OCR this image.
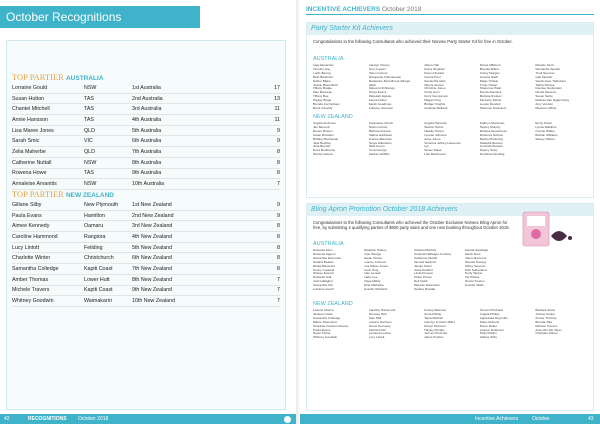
October Recognitions
TOP PARTIER AUSTRALIA
Lorraine Gould	NSW	1st Australia	17
Susan Hutton	TAS	2nd Australia	13
Chantel Mitchell	TAS	3rd Australia	11
Annie Hansson	TAS	4th Australia	11
Lisa Maree Jones	QLD	5th Australia	9
Sarah Smic	VIC	6th Australia	9
Zelia Maherbe	QLD	7th Australia	8
Catherine Nuttall	NSW	8th Australia	8
Rowena Howe	TAS	9th Australia	8
Annaleise Arvanitis	NSW	10th Australia	7
TOP PARTIER NEW ZEALAND
Gillane Silby	New Plymouth	1st New Zealand	9
Paula Evans	Hamilton	2nd New Zealand	9
Aimee Kennedy	Oamaru	3rd New Zealand	8
Caroline Hammond	Rangiora	4th New Zealand	8
Lucy Lintott	Feilding	5th New Zealand	8
Charlotte Winter	Christchurch	6th New Zealand	8
Samantha Colledge	Kapiti Coast	7th New Zealand	8
Amber Thomas	Lower Hutt	8th New Zealand	7
Michele Travers	Kapiti Coast	9th New Zealand	7
Whitney Goodwin	Waimakariri	10th New Zealand	7
42	RECOGNITIONS October 2018
INCENTIVE ACHIEVERS October 2018
Party Starter Kit Achievers
Congratulations to the following Consultants who achieved their Norwex Party Starter Kit for free in October.
AUSTRALIA
Inga Alexander
Timothy Ang
Lorfie Bering
Beth Batchelor
Esther Blake
Jeanie Bloomfield
Tiffany Budge
Mee Bouseau
Tiffany Bue
Hayley Bugel
Brenda Carmichael
Brent Cassidy
Carolyn Clancy
Amy Cooper
Helen Connor
Marguerite D'Emanuele
Madeleine Dent-Brook Allinger
Wadi
Rebecca D'Allengo
Tanya Evans
Rebekah Egosie
Aanna Fisher
Sarah Goodman
Julianne Greenee
Alison Hall
Fiona Hendran
Karen Howard
Corina Hunt
Samantha Ivitts
Naomi Jensen
Christine Jones
Cindy Kern
Kerry Kempsmon
Megan King
Bridget Knights
Amanda Melland
Nicole Millicent
Brenda Millett
Crissy Morgan
Jessica Nash
Paige O'Neal
Trudy Otwan
Sharonne Pikar
Pernia Renwick
Melissa Rydeen
Kimberly Richie
Lousie Rendell
Shannon Saunders
Marette Scott
Samantha Sparks
Trudi Spencer
Gail Stewart
Sarah-Jane Todhunter
Tasha Sheree
Carolee Soderstein
Nicola Stevens
Susan Swire
Melissa Van Ngaw Foley
Amy Verduin
Maureen White
NEW ZEALAND
Angela Ambrose
Jan Bennett
Renee Bowen
Karen Brandon
Brittany Buchanan
Julie Buckley
Julia Burnett
Erica Burkhorne
Nicola Carlson
Jacqueline Check
Sharon Dover
Barbara Dorsett
Nadine Eddowes
Joanne Ellerman
Tanya Gillanders
Nicki Green
Yona George
Rachel Griffiths
Angela Hancock
Sharon Harris
Natalie Horton
Lynette Johnson
Anne Jones
Veronica Jeffrey-Lawrence
Lyn
Susan Maas
Lisa Martinsons
Kathryn Merriman
Hayley Murphy
Melissa Neuenheim
Rebecca Nichols
Rachel Pickering
Natasha Reeves
Jeminah Russell
Hayley Sivey
Dorothea Snelling
Emily Street
Lynda Waldrine
Connie Walter
Bethan Williams
Stacey Wilson
Bling Apron Promotion October 2018 Achievers
Congratulations to the following Consultants who achieved the October Exclusive Norwex Bling Apron for free, by submitting 4 qualifying parties of $600 party sales and one new booking throughout October 2018.
AUSTRALIA
Deborah Allen
Rebecca Algeon
Samantha Esmonds
Sandra Beattie
Rhaia Bisewsez
Penny Copland
Sheree Everett
Deborah Gall
Jodi Gallagher
Samantha Gilt
Lorraine Gould
Madeline Haines
Kylie Harrigs
Susan Hutton
Leanne Johnson
Lisa Maree Jones
Kevin King
Kate Lussell
Cathy Lee
Paige Middy
Zelia Malherbe
Jennifer McNeish
Chantel Mitchell
Amanda Naftelger-Conkley
Catherine Nuttall
Tamela Sanford
Jacqui Owen
Alicia Pettifort
Linda Pessoa
Chloe Prince
Nell Quirk
Melanie Robertson
Sandra Rowlatt
Jacinta Sandidge
Sarah Smic
Helen Simmons
Sheriza Snoopy
Abbey Stevens
Beth Sutherland
Trudy Tapper
Pia Tillotse
Merzel Tuazon
Jennifer Wald
NEW ZEALAND
Leanne Aberne
Jaskeen Clark
Samantha Colledge
Maree Davenport
Charlotte Dowson-Devine
Paula Evans
Helen Fisher
Whitney Goodwin
Caroline Hammond
Theresa Hart
Kate Hall
Leanne Harrison
Aimee Kennedy
Katrina Kidd
Gerdena Lerboe
Lucy Lintott
Kelsey Macrese
Anna McKay
Tania Mitchell
Carolyn & Gavin Miller
Robyn Morrison
Hayley Murphy
Jenna O'Donnell
Jaime Perkins
Tamsin Pritchard
Angela Philips
Agnieszka Reynolds
Stacy Roberts
Dione Rutlet
Leanne Robinson
Holly Rollins
Gillane Silby
Barbara Sirois
Justine Sutton
Amber Thomas
Brenda Tofa
Michele Travers
Asta Van Der Weer
Charlotte Winter
Incentive Achievers	October	43
